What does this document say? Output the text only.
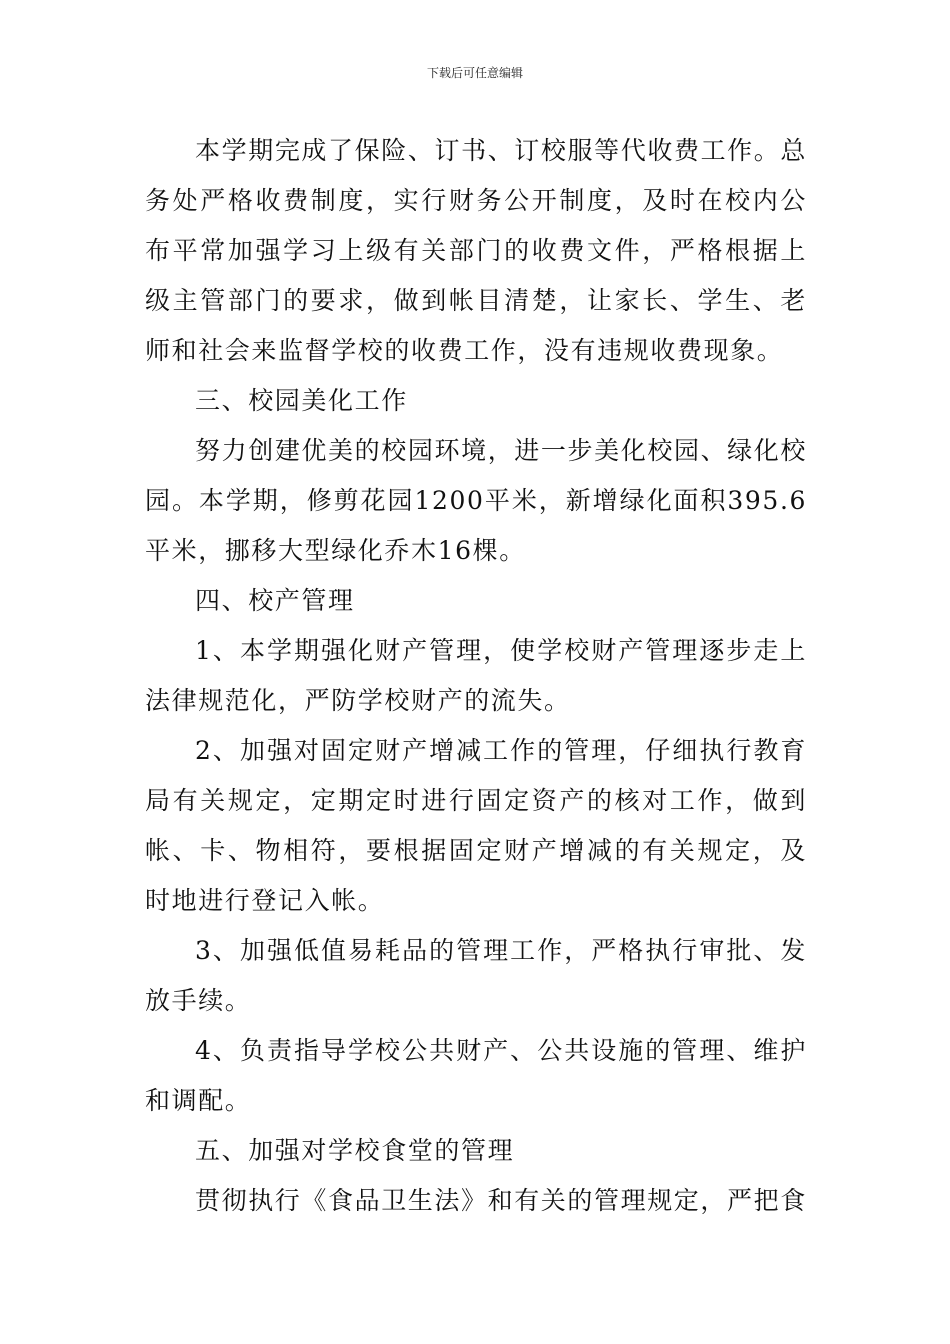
下载后可任意编辑

本学期完成了保险、订书、订校服等代收费工作。总务处严格收费制度，实行财务公开制度，及时在校内公布平常加强学习上级有关部门的收费文件，严格根据上级主管部门的要求，做到帐目清楚，让家长、学生、老师和社会来监督学校的收费工作，没有违规收费现象。

三、校园美化工作

努力创建优美的校园环境，进一步美化校园、绿化校园。本学期，修剪花园1200平米，新增绿化面积395.6平米，挪移大型绿化乔木16棵。

四、校产管理

1、本学期强化财产管理，使学校财产管理逐步走上法律规范化，严防学校财产的流失。

2、加强对固定财产增减工作的管理，仔细执行教育局有关规定，定期定时进行固定资产的核对工作，做到帐、卡、物相符，要根据固定财产增减的有关规定，及时地进行登记入帐。

3、加强低值易耗品的管理工作，严格执行审批、发放手续。

4、负责指导学校公共财产、公共设施的管理、维护和调配。

五、加强对学校食堂的管理

贯彻执行《食品卫生法》和有关的管理规定，严把食
